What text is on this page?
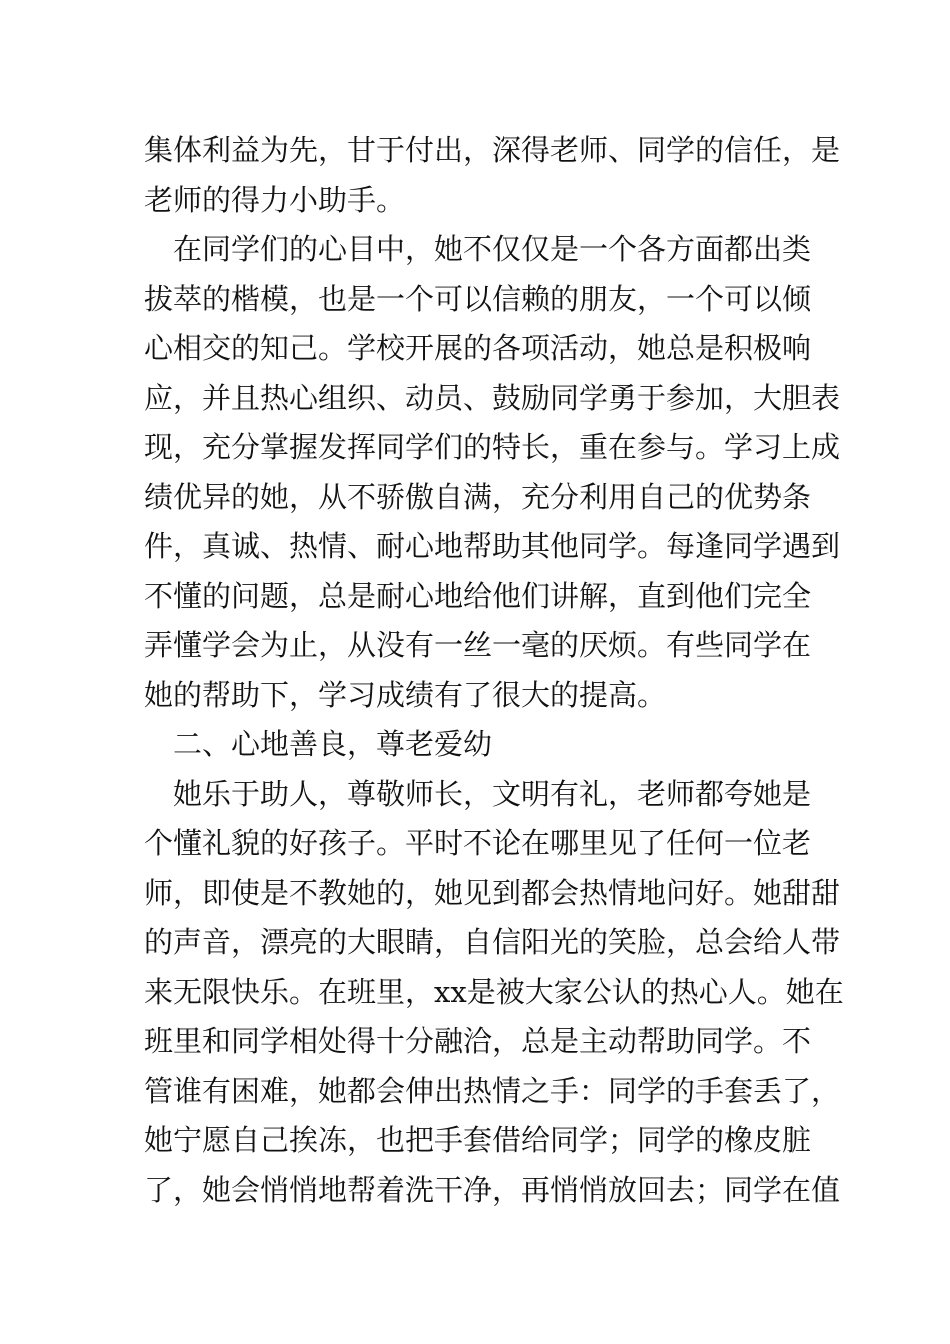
集体利益为先，甘于付出，深得老师、同学的信任，是
老师的得力小助手。
　在同学们的心目中，她不仅仅是一个各方面都出类
拔萃的楷模，也是一个可以信赖的朋友，一个可以倾
心相交的知己。学校开展的各项活动，她总是积极响
应，并且热心组织、动员、鼓励同学勇于参加，大胆表
现，充分掌握发挥同学们的特长，重在参与。学习上成
绩优异的她，从不骄傲自满，充分利用自己的优势条
件，真诚、热情、耐心地帮助其他同学。每逢同学遇到
不懂的问题，总是耐心地给他们讲解，直到他们完全
弄懂学会为止，从没有一丝一毫的厌烦。有些同学在
她的帮助下，学习成绩有了很大的提高。
　二、心地善良，尊老爱幼
　她乐于助人，尊敬师长，文明有礼，老师都夸她是
个懂礼貌的好孩子。平时不论在哪里见了任何一位老
师，即使是不教她的，她见到都会热情地问好。她甜甜
的声音，漂亮的大眼睛，自信阳光的笑脸，总会给人带
来无限快乐。在班里，xx是被大家公认的热心人。她在
班里和同学相处得十分融洽，总是主动帮助同学。不
管谁有困难，她都会伸出热情之手：同学的手套丢了，
她宁愿自己挨冻，也把手套借给同学；同学的橡皮脏
了，她会悄悄地帮着洗干净，再悄悄放回去；同学在值
